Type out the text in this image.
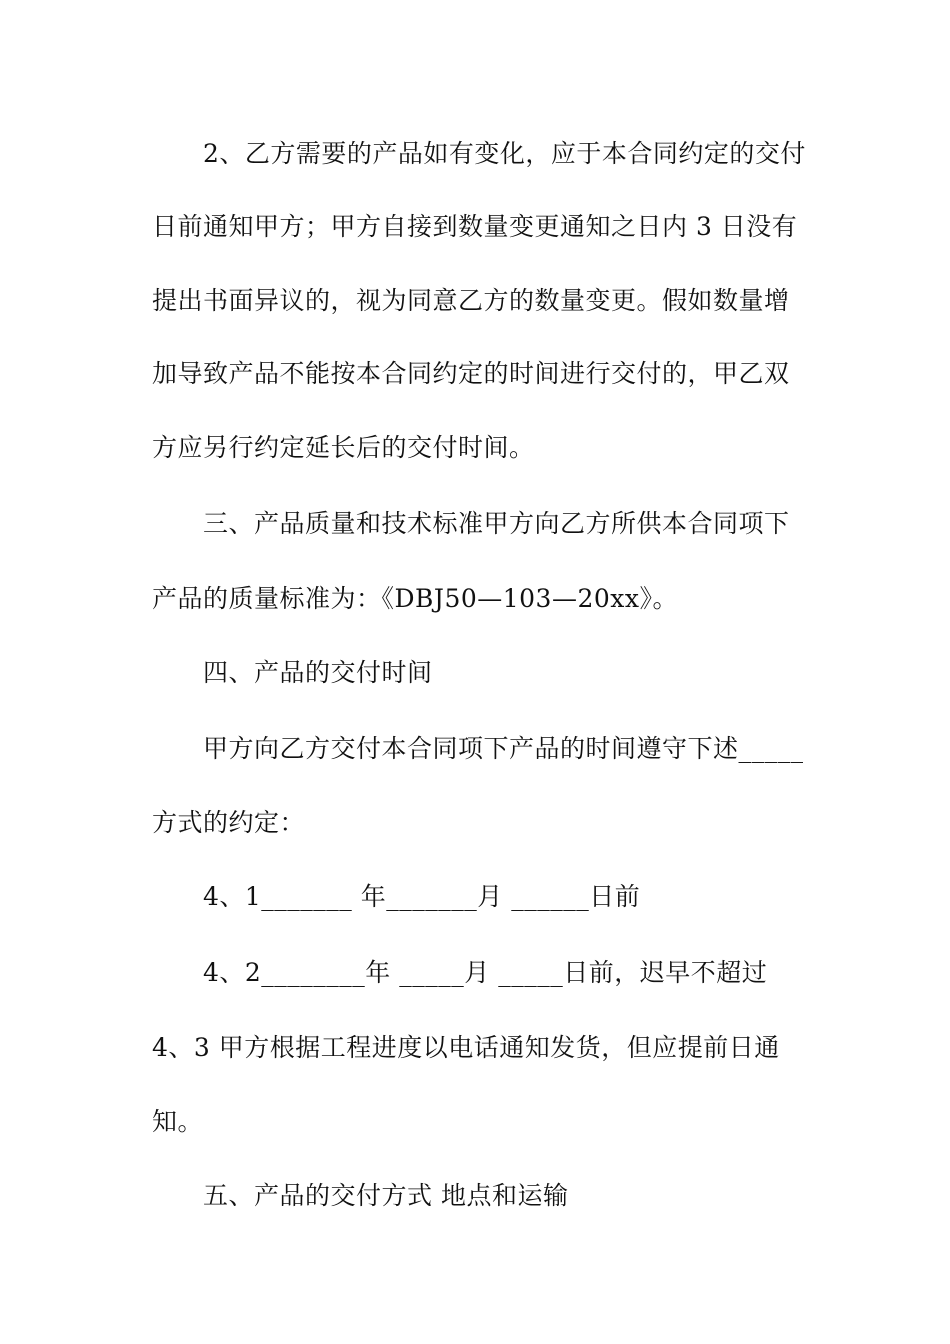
2、乙方需要的产品如有变化，应于本合同约定的交付
日前通知甲方；甲方自接到数量变更通知之日内 3 日没有
提出书面异议的，视为同意乙方的数量变更。假如数量增
加导致产品不能按本合同约定的时间进行交付的，甲乙双
方应另行约定延长后的交付时间。
三、产品质量和技术标准甲方向乙方所供本合同项下
产品的质量标准为：《DBJ50—103—20xx》。
四、产品的交付时间
甲方向乙方交付本合同项下产品的时间遵守下述_____
方式的约定：
4、1_______ 年_______月 ______日前
4、2________年 _____月 _____日前，迟早不超过
4、3 甲方根据工程进度以电话通知发货，但应提前日通
知。
五、产品的交付方式 地点和运输
